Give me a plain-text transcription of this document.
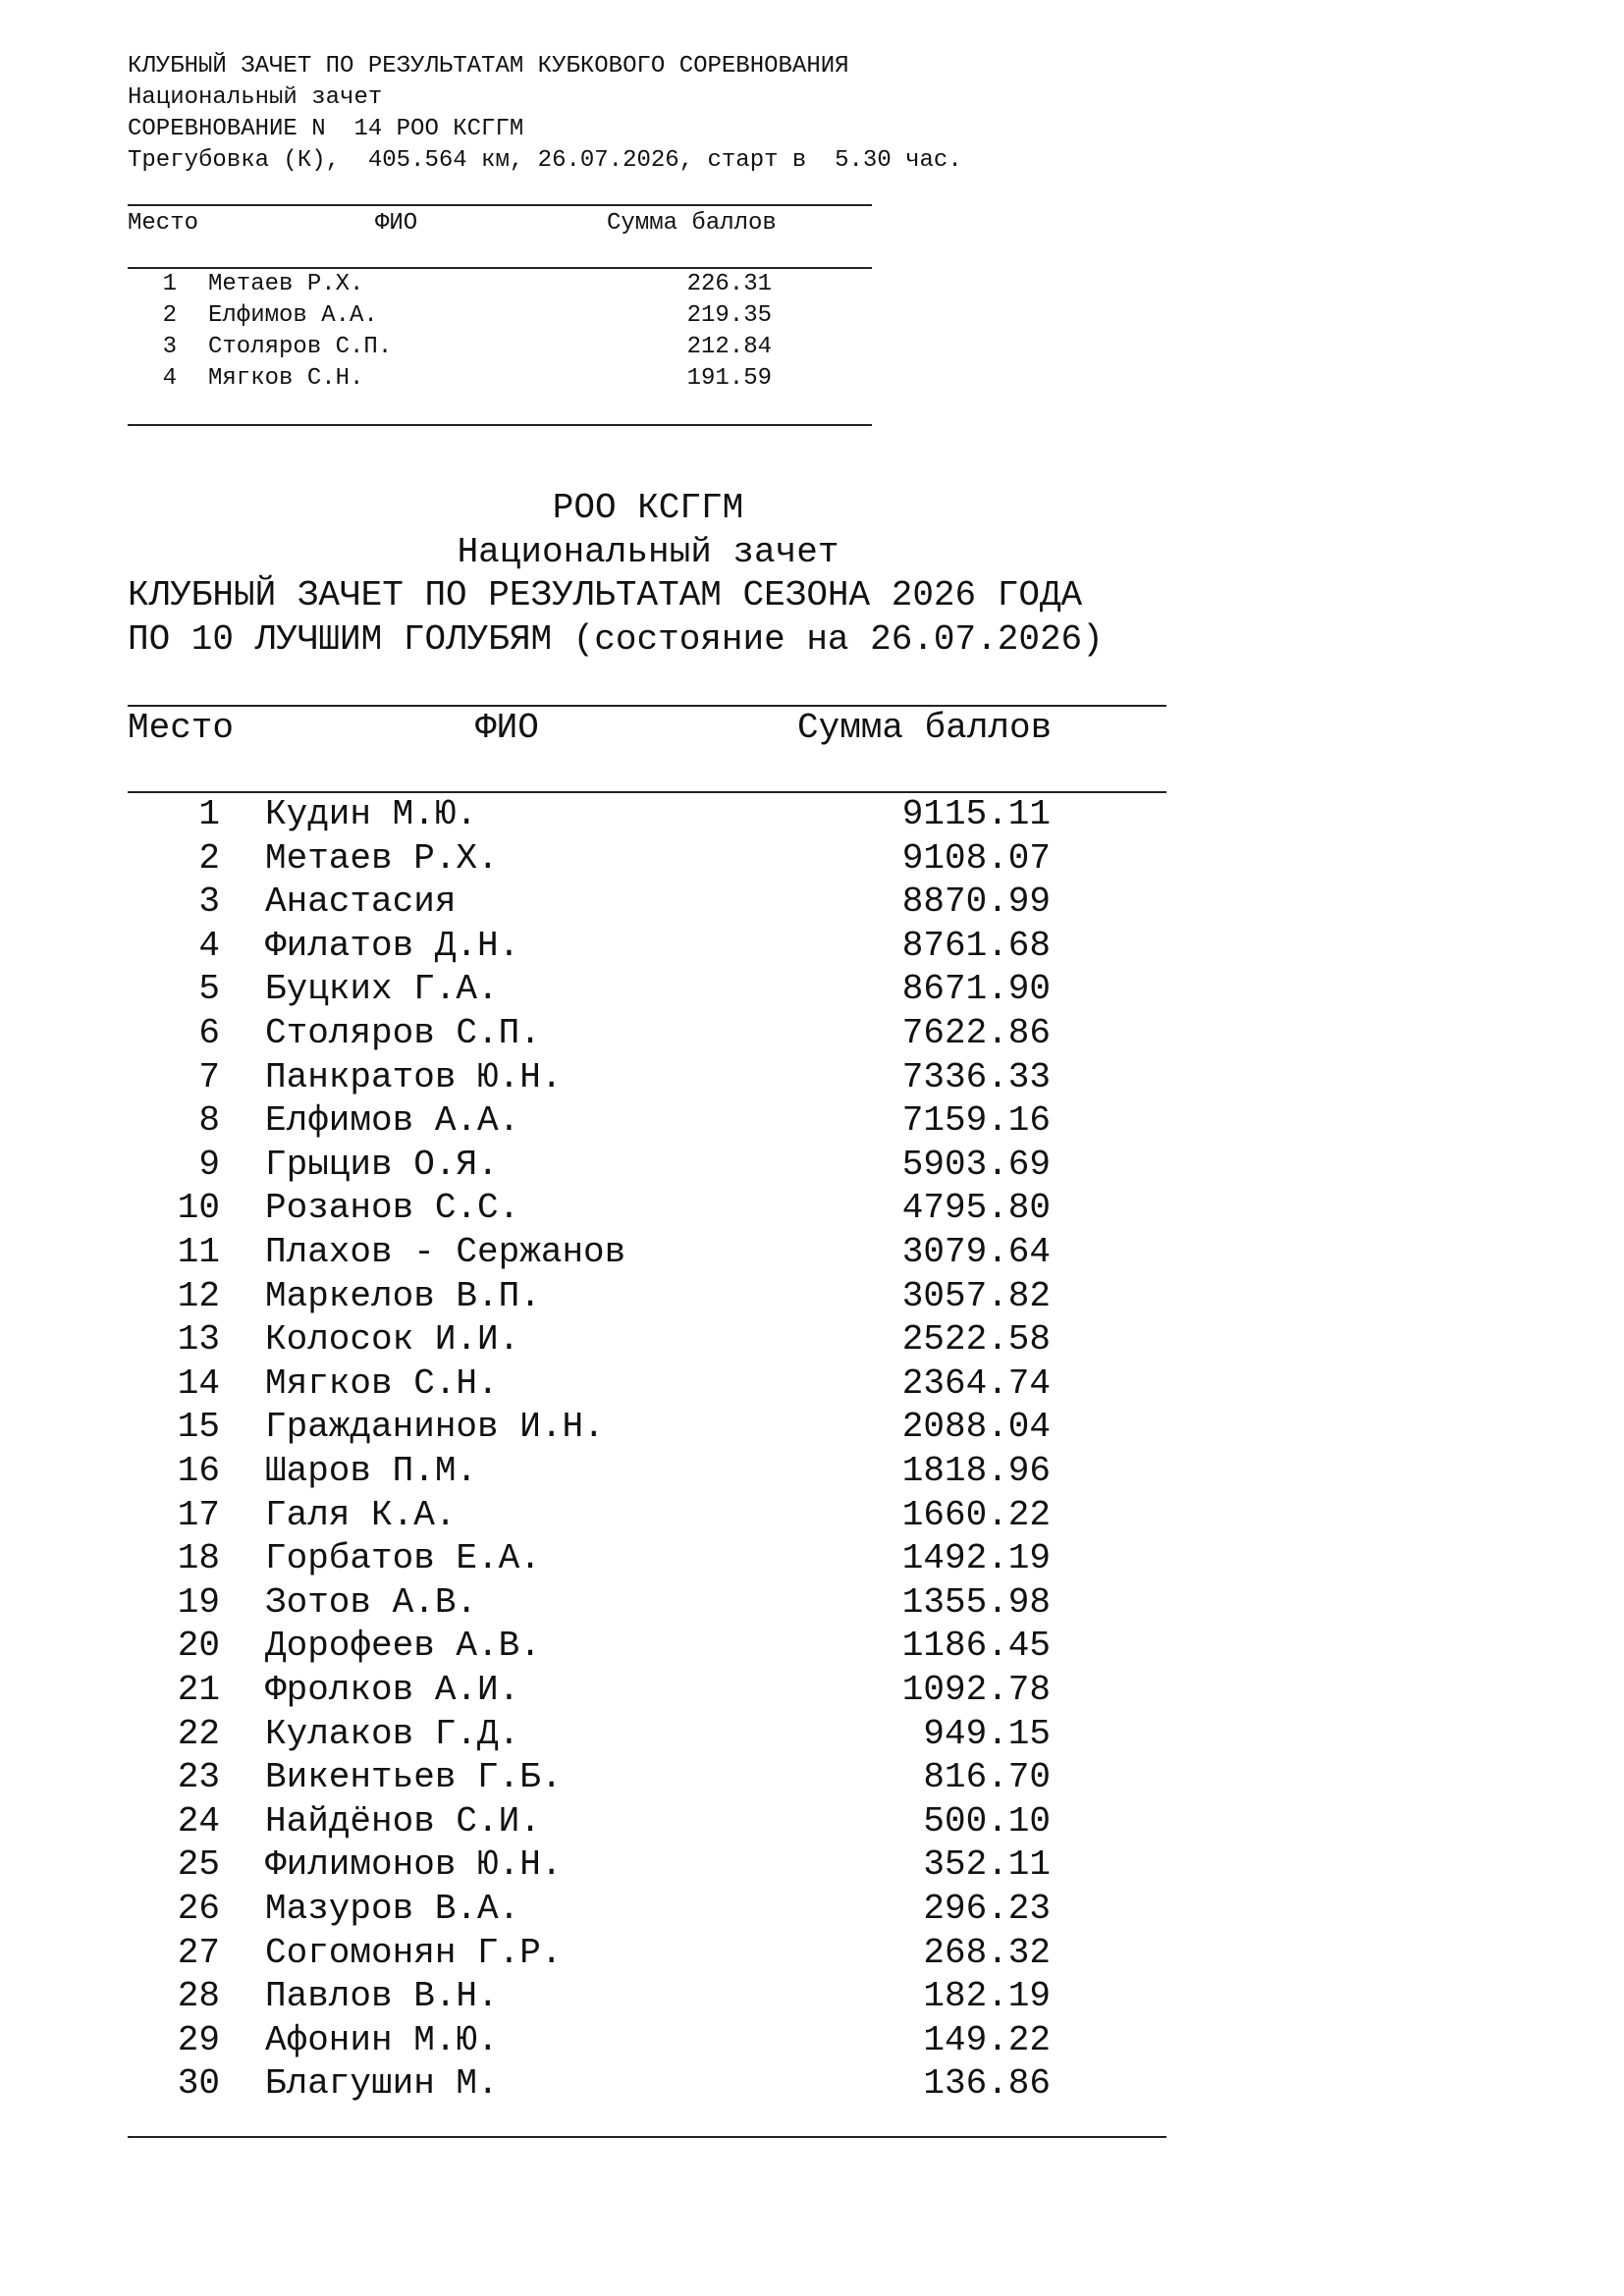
КЛУБНЫЙ ЗАЧЕТ ПО РЕЗУЛЬТАТАМ КУБКОВОГО СОРЕВНОВАНИЯ
Национальный зачет
СОРЕВНОВАНИЕ N  14 РОО КСГГМ
Трегубовка (К),  405.564 км, 26.07.2026, старт в  5.30 час.
Место	ФИО	Сумма баллов
1 Метаев Р.Х.	226.31
2 Елфимов А.А.	219.35
3 Столяров С.П.	212.84
4 Мягков С.Н.	191.59
РОО КСГГМ
Национальный зачет
КЛУБНЫЙ ЗАЧЕТ ПО РЕЗУЛЬТАТАМ СЕЗОНА 2026 ГОДА
ПО 10 ЛУЧШИМ ГОЛУБЯМ (состояние на 26.07.2026)
Место	ФИО	Сумма баллов
1 Кудин М.Ю.	9115.11
2 Метаев Р.Х.	9108.07
3 Анастасия	8870.99
4 Филатов Д.Н.	8761.68
5 Буцких Г.А.	8671.90
6 Столяров С.П.	7622.86
7 Панкратов Ю.Н.	7336.33
8 Елфимов А.А.	7159.16
9 Грыцив О.Я.	5903.69
10 Розанов С.С.	4795.80
11 Плахов - Сержанов	3079.64
12 Маркелов В.П.	3057.82
13 Колосок И.И.	2522.58
14 Мягков С.Н.	2364.74
15 Гражданинов И.Н.	2088.04
16 Шаров П.М.	1818.96
17 Галя К.А.	1660.22
18 Горбатов Е.А.	1492.19
19 Зотов А.В.	1355.98
20 Дорофеев А.В.	1186.45
21 Фролков А.И.	1092.78
22 Кулаков Г.Д.	949.15
23 Викентьев Г.Б.	816.70
24 Найдёнов С.И.	500.10
25 Филимонов Ю.Н.	352.11
26 Мазуров В.А.	296.23
27 Согомонян Г.Р.	268.32
28 Павлов В.Н.	182.19
29 Афонин М.Ю.	149.22
30 Благушин М.	136.86
